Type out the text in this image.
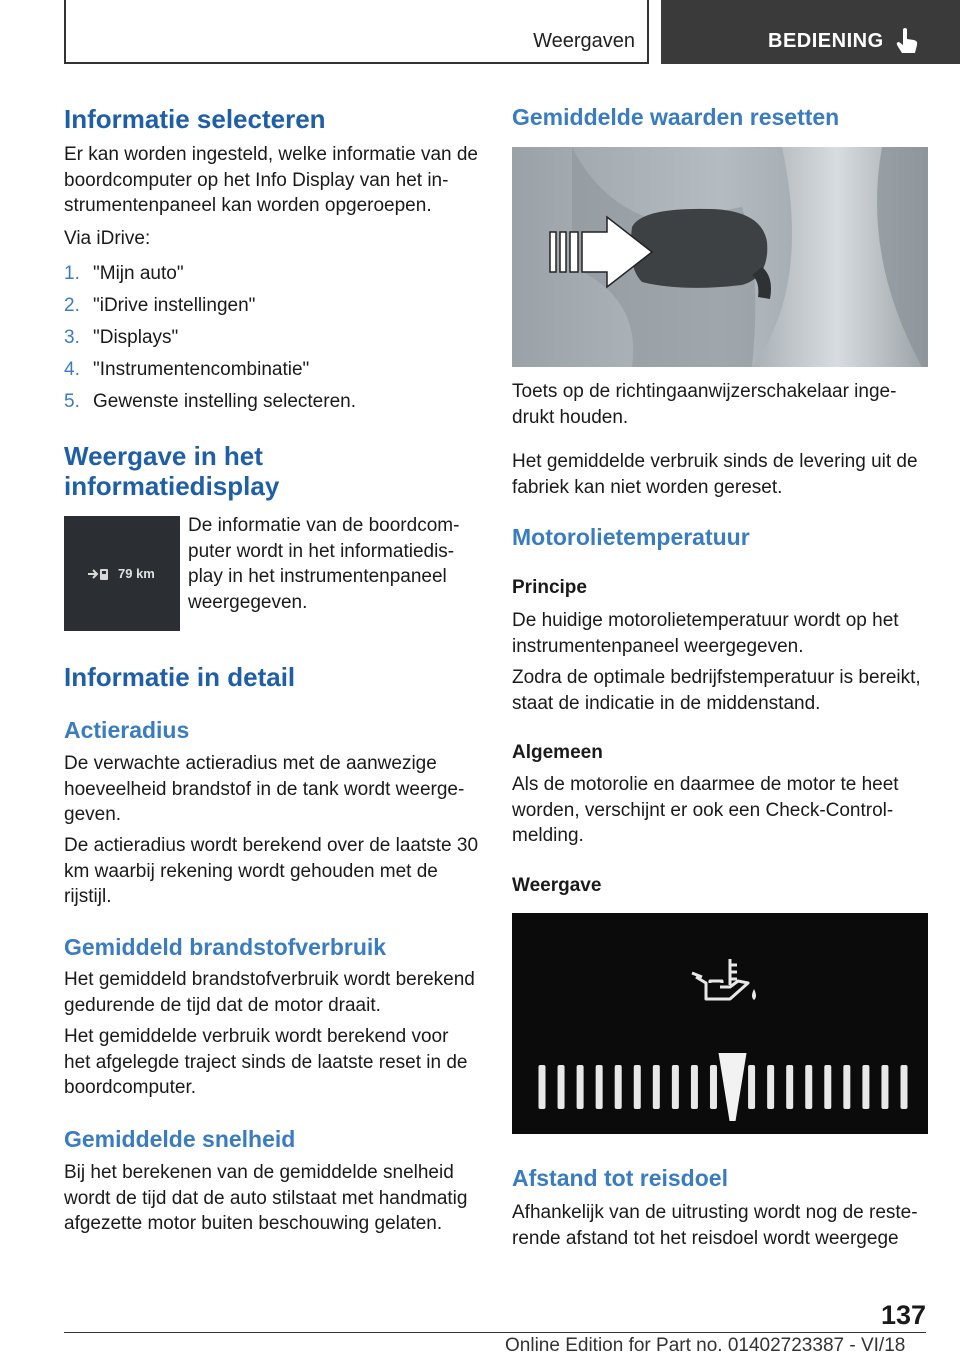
Weergaven	BEDIENING
Informatie selecteren
Er kan worden ingesteld, welke informatie van de boordcomputer op het Info Display van het instrumentenpaneel kan worden opgeroepen.
Via iDrive:
1. "Mijn auto"
2. "iDrive instellingen"
3. "Displays"
4. "Instrumentencombinatie"
5. Gewenste instelling selecteren.
Weergave in het
informatiedisplay
79 km
De informatie van de boordcomputer wordt in het informatiedisplay in het instrumentenpaneel weergegeven.
Informatie in detail
Actieradius
De verwachte actieradius met de aanwezige hoeveelheid brandstof in de tank wordt weergegeven.
De actieradius wordt berekend over de laatste 30 km waarbij rekening wordt gehouden met de rijstijl.
Gemiddeld brandstofverbruik
Het gemiddeld brandstofverbruik wordt berekend gedurende de tijd dat de motor draait.
Het gemiddelde verbruik wordt berekend voor het afgelegde traject sinds de laatste reset in de boordcomputer.
Gemiddelde snelheid
Bij het berekenen van de gemiddelde snelheid wordt de tijd dat de auto stilstaat met handmatig afgezette motor buiten beschouwing gelaten.
Gemiddelde waarden resetten
Toets op de richtingaanwijzerschakelaar ingedrukt houden.
Het gemiddelde verbruik sinds de levering uit de fabriek kan niet worden gereset.
Motorolietemperatuur
Principe
De huidige motorolietemperatuur wordt op het instrumentenpaneel weergegeven.
Zodra de optimale bedrijfstemperatuur is bereikt, staat de indicatie in de middenstand.
Algemeen
Als de motorolie en daarmee de motor te heet worden, verschijnt er ook een Check-Control-melding.
Weergave
Afstand tot reisdoel
Afhankelijk van de uitrusting wordt nog de resterende afstand tot het reisdoel wordt weergege
137
Online Edition for Part no. 01402723387 - VI/18
